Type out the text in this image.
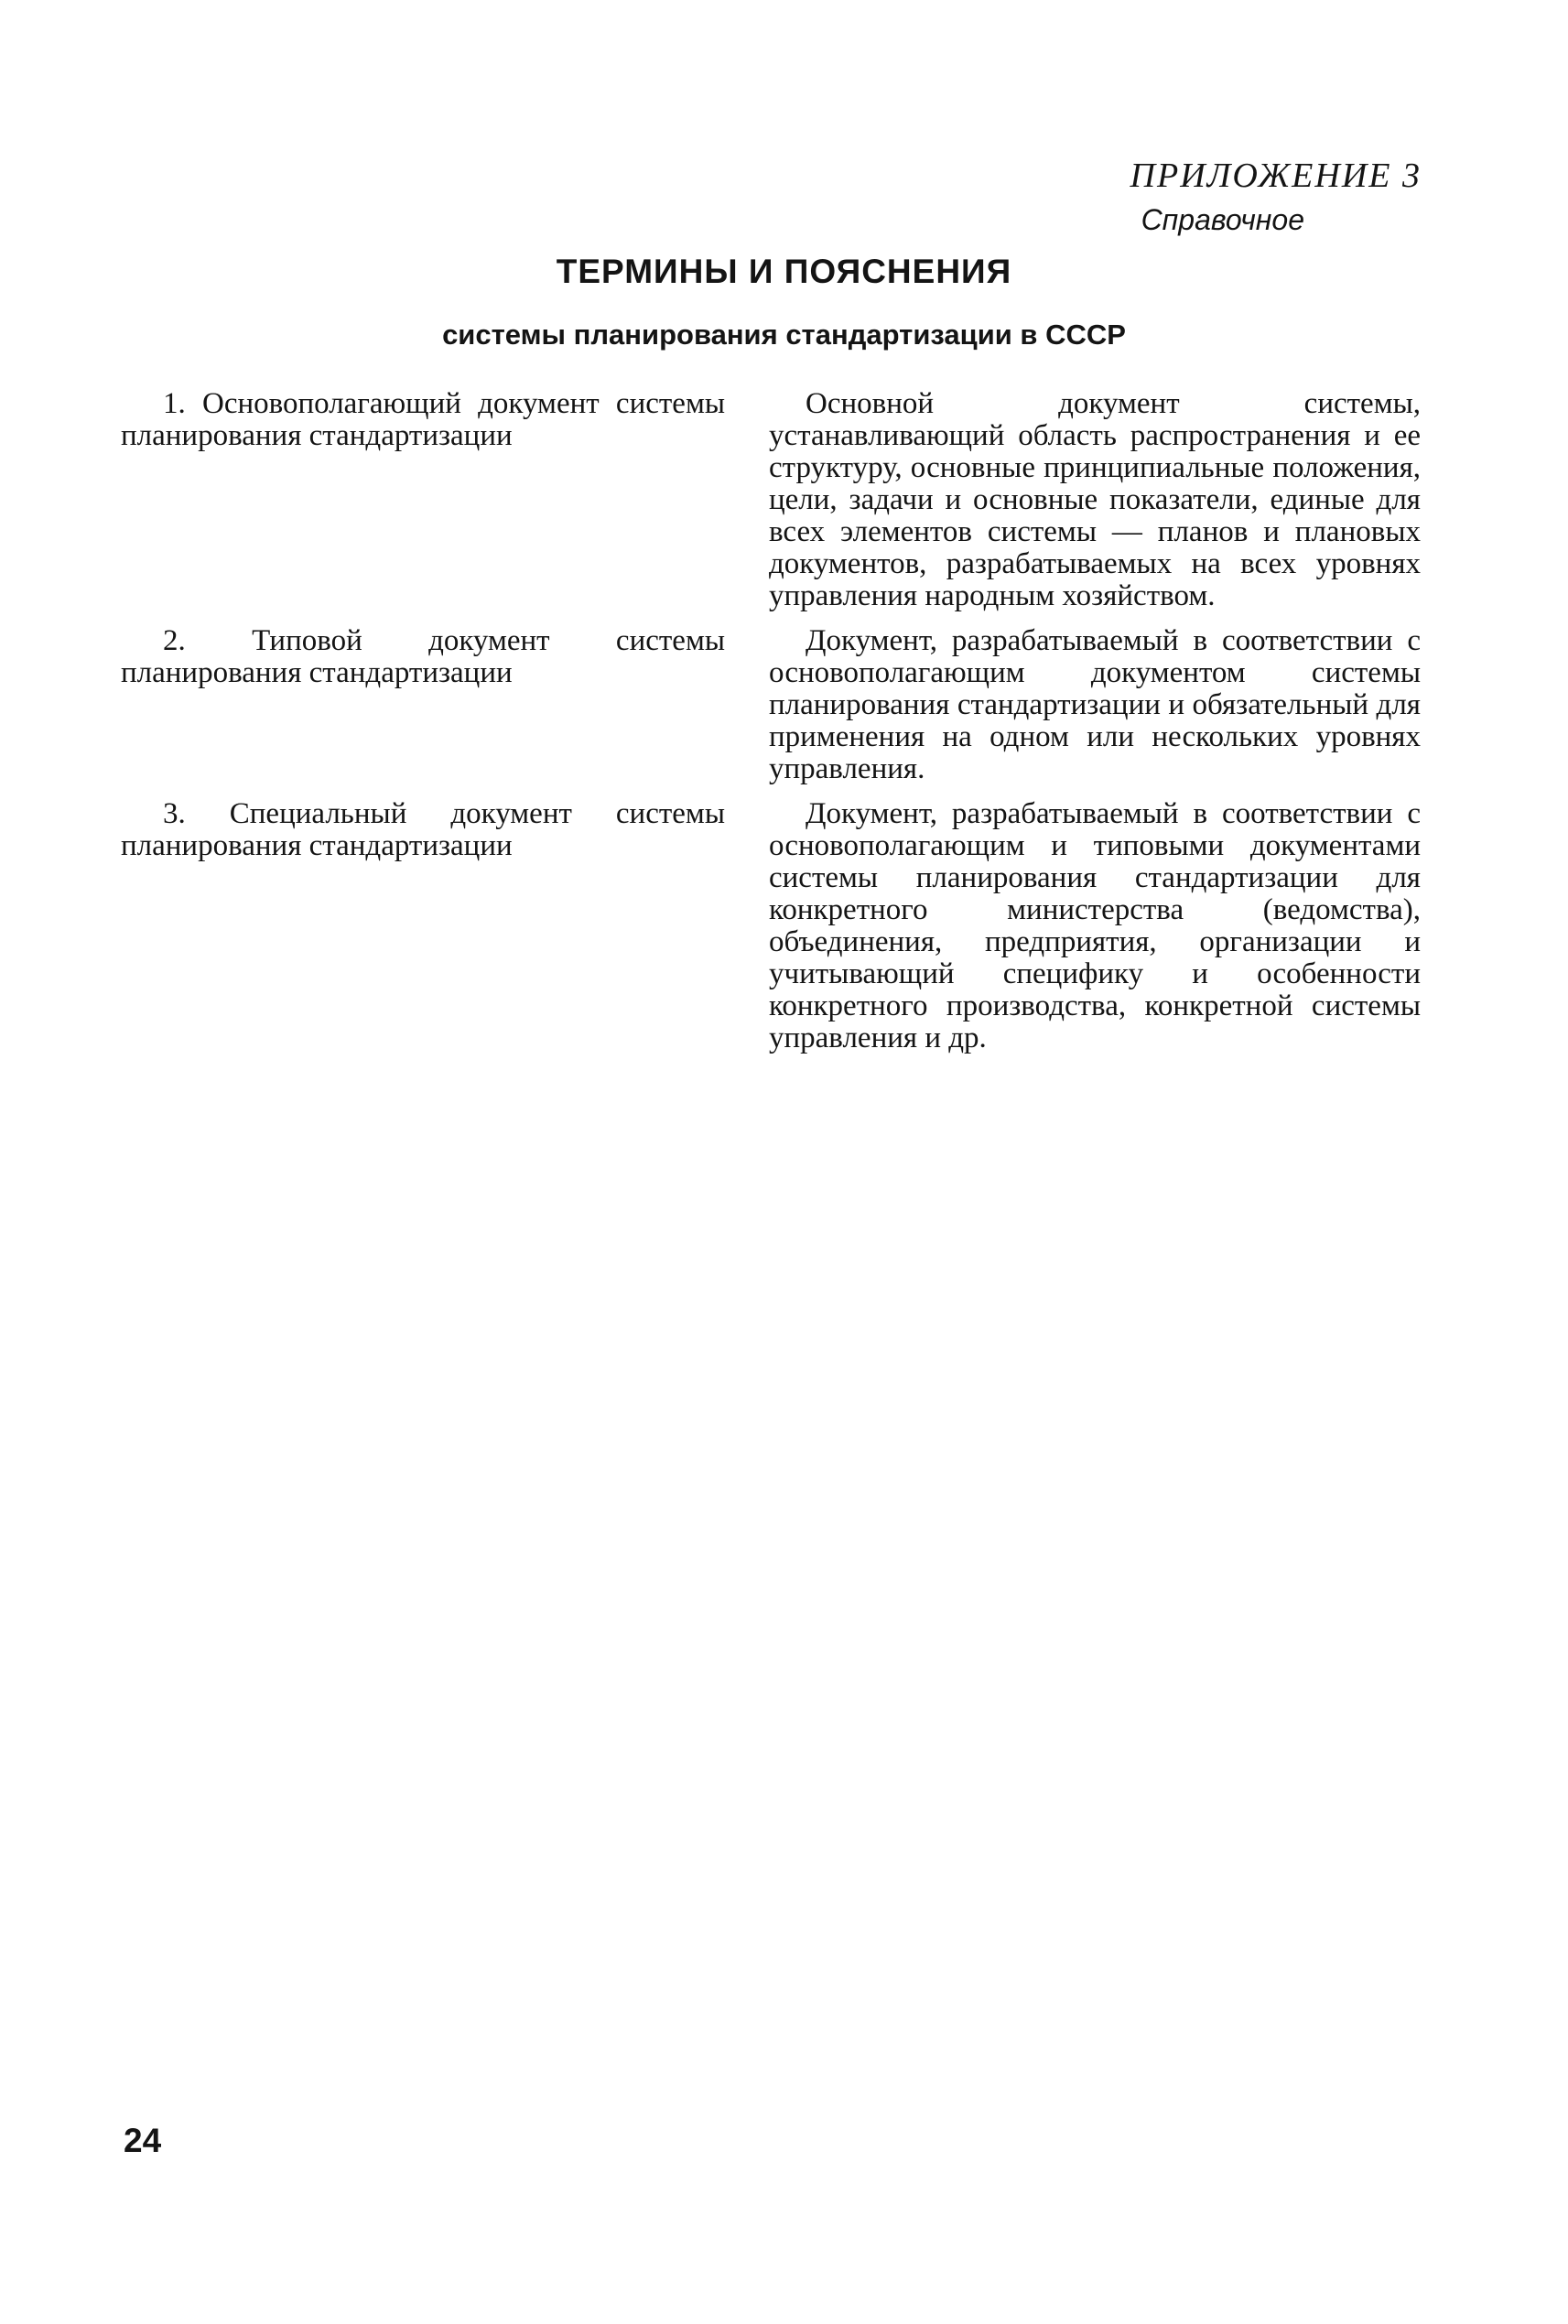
ПРИЛОЖЕНИЕ 3
Справочное
ТЕРМИНЫ И ПОЯСНЕНИЯ
системы планирования стандартизации в СССР
1. Основополагающий документ системы планирования стандартизации
Основной документ системы, устанавливающий область распространения и ее структуру, основные принципиальные положения, цели, задачи и основные показатели, единые для всех элементов системы — планов и плановых документов, разрабатываемых на всех уровнях управления народным хозяйством.
2. Типовой документ системы планирования стандартизации
Документ, разрабатываемый в соответствии с основополагающим документом системы планирования стандартизации и обязательный для применения на одном или нескольких уровнях управления.
3. Специальный документ системы планирования стандартизации
Документ, разрабатываемый в соответствии с основополагающим и типовыми документами системы планирования стандартизации для конкретного министерства (ведомства), объединения, предприятия, организации и учитывающий специфику и особенности конкретного производства, конкретной системы управления и др.
24
